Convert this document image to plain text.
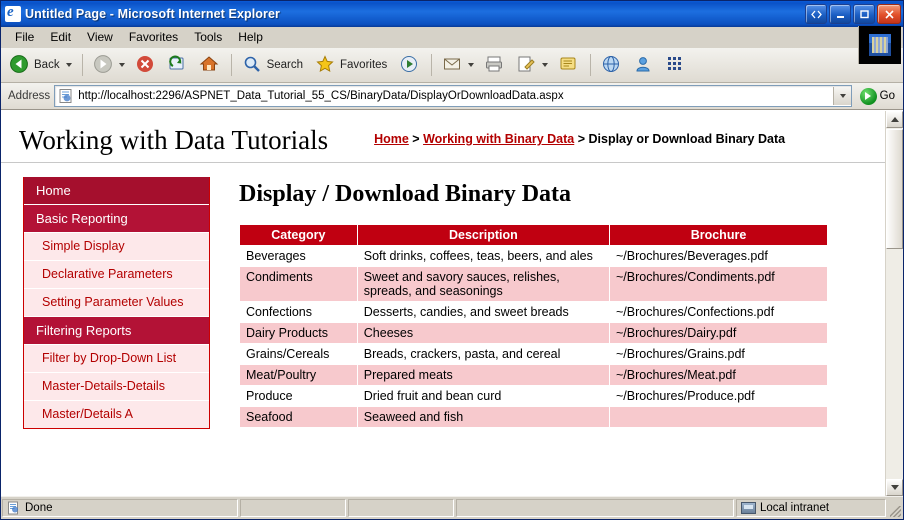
e
Untitled Page - Microsoft Internet Explorer
File	Edit	View	Favorites	Tools	Help
Back	Search	Favorites
Address http://localhost:2296/ASPNET_Data_Tutorial_55_CS/BinaryData/DisplayOrDownloadData.aspx	Go
Working with Data Tutorials	Home > Working with Binary Data > Display or Download Binary Data
Home
Basic Reporting
Simple Display
Declarative Parameters
Setting Parameter Values
Filtering Reports
Filter by Drop-Down List
Master-Details-Details
Master/Details A
Display / Download Binary Data
Category	Description	Brochure
Beverages	Soft drinks, coffees, teas, beers, and ales	~/Brochures/Beverages.pdf
Condiments	Sweet and savory sauces, relishes, spreads, and seasonings	~/Brochures/Condiments.pdf
Confections	Desserts, candies, and sweet breads	~/Brochures/Confections.pdf
Dairy Products	Cheeses	~/Brochures/Dairy.pdf
Grains/Cereals	Breads, crackers, pasta, and cereal	~/Brochures/Grains.pdf
Meat/Poultry	Prepared meats	~/Brochures/Meat.pdf
Produce	Dried fruit and bean curd	~/Brochures/Produce.pdf
Seafood	Seaweed and fish	
Done	Local intranet
